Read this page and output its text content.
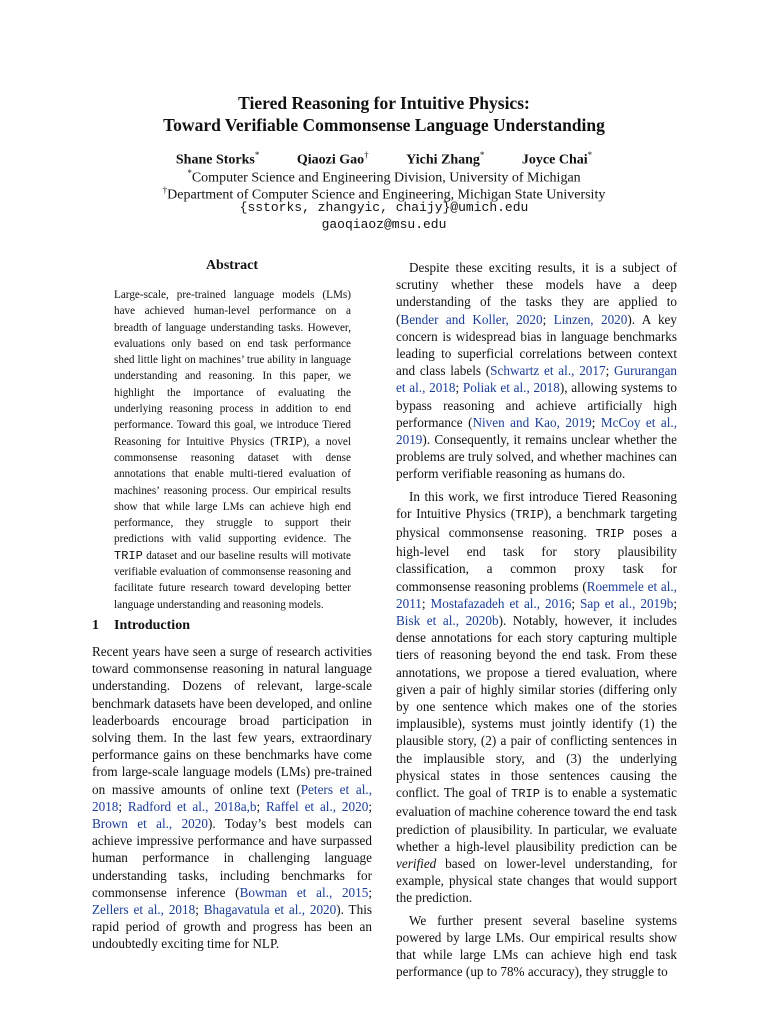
Tiered Reasoning for Intuitive Physics:
Toward Verifiable Commonsense Language Understanding
Shane Storks*	Qiaozi Gao†	Yichi Zhang*	Joyce Chai*
*Computer Science and Engineering Division, University of Michigan
†Department of Computer Science and Engineering, Michigan State University
{sstorks, zhangyic, chaijy}@umich.edu
gaoqiaoz@msu.edu
Abstract
Large-scale, pre-trained language models (LMs) have achieved human-level performance on a breadth of language understanding tasks. However, evaluations only based on end task performance shed little light on machines’ true ability in language understanding and reasoning. In this paper, we highlight the importance of evaluating the underlying reasoning process in addition to end performance. Toward this goal, we introduce Tiered Reasoning for Intuitive Physics (TRIP), a novel commonsense reasoning dataset with dense annotations that enable multi-tiered evaluation of machines’ reasoning process. Our empirical results show that while large LMs can achieve high end performance, they struggle to support their predictions with valid supporting evidence. The TRIP dataset and our baseline results will motivate verifiable evaluation of commonsense reasoning and facilitate future research toward developing better language understanding and reasoning models.
1 Introduction

Recent years have seen a surge of research activities toward commonsense reasoning in natural language understanding. Dozens of relevant, large-scale benchmark datasets have been developed, and online leaderboards encourage broad participation in solving them. In the last few years, extraordinary performance gains on these benchmarks have come from large-scale language models (LMs) pre-trained on massive amounts of online text (Peters et al., 2018; Radford et al., 2018a,b; Raffel et al., 2020; Brown et al., 2020). Today’s best models can achieve impressive performance and have surpassed human performance in challenging language understanding tasks, including benchmarks for commonsense inference (Bowman et al., 2015; Zellers et al., 2018; Bhagavatula et al., 2020). This rapid period of growth and progress has been an undoubtedly exciting time for NLP.

Despite these exciting results, it is a subject of scrutiny whether these models have a deep understanding of the tasks they are applied to (Bender and Koller, 2020; Linzen, 2020). A key concern is widespread bias in language benchmarks leading to superficial correlations between context and class labels (Schwartz et al., 2017; Gururangan et al., 2018; Poliak et al., 2018), allowing systems to bypass reasoning and achieve artificially high performance (Niven and Kao, 2019; McCoy et al., 2019). Consequently, it remains unclear whether the problems are truly solved, and whether machines can perform verifiable reasoning as humans do.

In this work, we first introduce Tiered Reasoning for Intuitive Physics (TRIP), a benchmark targeting physical commonsense reasoning. TRIP poses a high-level end task for story plausibility classification, a common proxy task for commonsense reasoning problems (Roemmele et al., 2011; Mostafazadeh et al., 2016; Sap et al., 2019b; Bisk et al., 2020b). Notably, however, it includes dense annotations for each story capturing multiple tiers of reasoning beyond the end task. From these annotations, we propose a tiered evaluation, where given a pair of highly similar stories (differing only by one sentence which makes one of the stories implausible), systems must jointly identify (1) the plausible story, (2) a pair of conflicting sentences in the implausible story, and (3) the underlying physical states in those sentences causing the conflict. The goal of TRIP is to enable a systematic evaluation of machine coherence toward the end task prediction of plausibility. In particular, we evaluate whether a high-level plausibility prediction can be verified based on lower-level understanding, for example, physical state changes that would support the prediction.

We further present several baseline systems powered by large LMs. Our empirical results show that while large LMs can achieve high end task performance (up to 78% accuracy), they struggle to
